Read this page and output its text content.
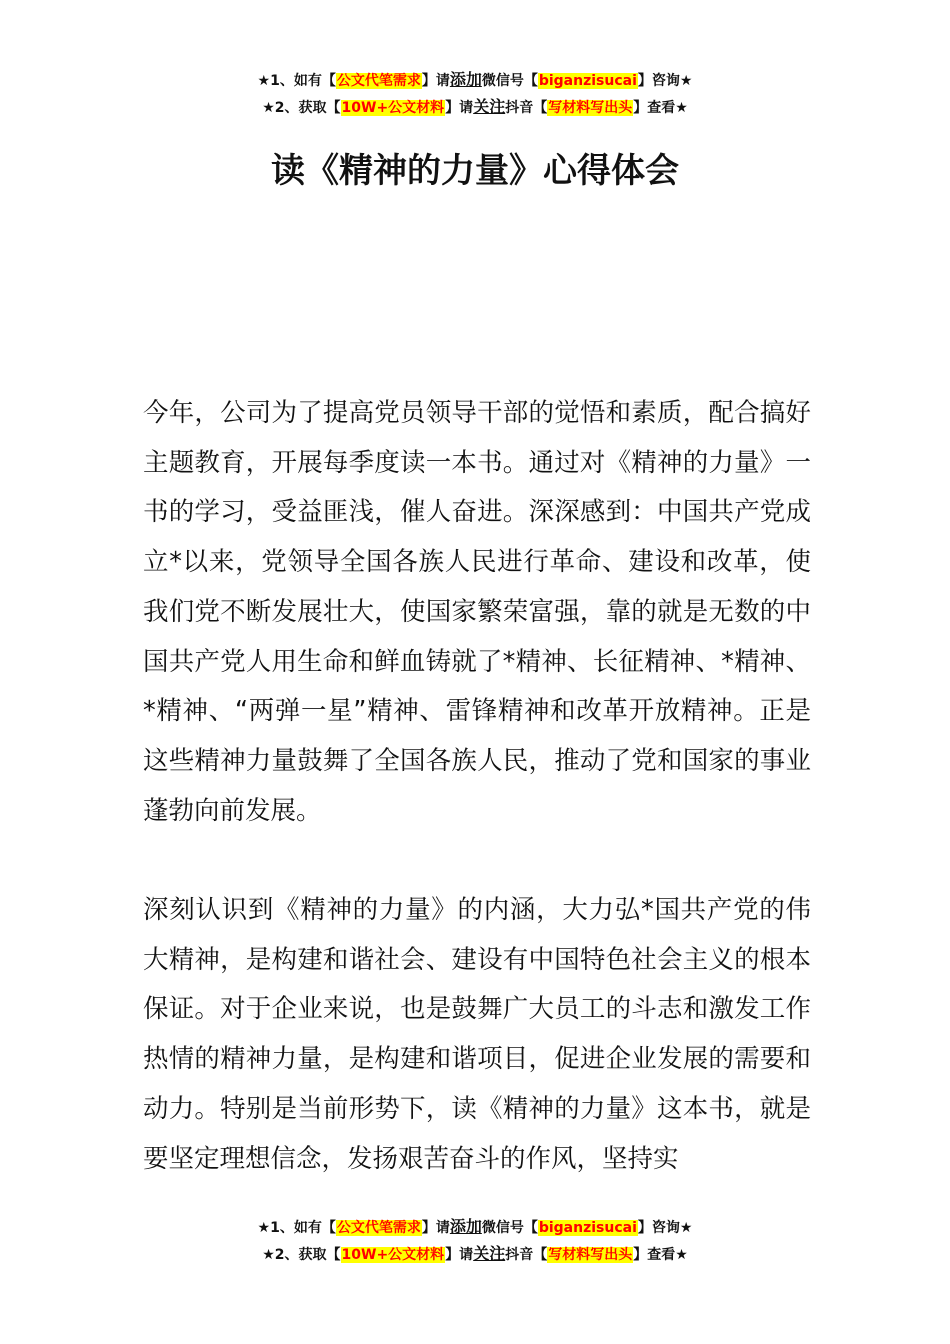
★1、如有【公文代笔需求】请添加微信号【biganzisucai】咨询★
★2、获取【10W+公文材料】请关注抖音【写材料写出头】查看★
读《精神的力量》心得体会

今年，公司为了提高党员领导干部的觉悟和素质，配合搞好主题教育，开展每季度读一本书。通过对《精神的力量》一书的学习，受益匪浅，催人奋进。深深感到：中国共产党成立*以来，党领导全国各族人民进行革命、建设和改革，使我们党不断发展壮大，使国家繁荣富强，靠的就是无数的中国共产党人用生命和鲜血铸就了*精神、长征精神、*精神、*精神、“两弹一星”精神、雷锋精神和改革开放精神。正是这些精神力量鼓舞了全国各族人民，推动了党和国家的事业蓬勃向前发展。

深刻认识到《精神的力量》的内涵，大力弘*国共产党的伟大精神，是构建和谐社会、建设有中国特色社会主义的根本保证。对于企业来说，也是鼓舞广大员工的斗志和激发工作热情的精神力量，是构建和谐项目，促进企业发展的需要和动力。特别是当前形势下，读《精神的力量》这本书，就是要坚定理想信念，发扬艰苦奋斗的作风，坚持实

★1、如有【公文代笔需求】请添加微信号【biganzisucai】咨询★
★2、获取【10W+公文材料】请关注抖音【写材料写出头】查看★
